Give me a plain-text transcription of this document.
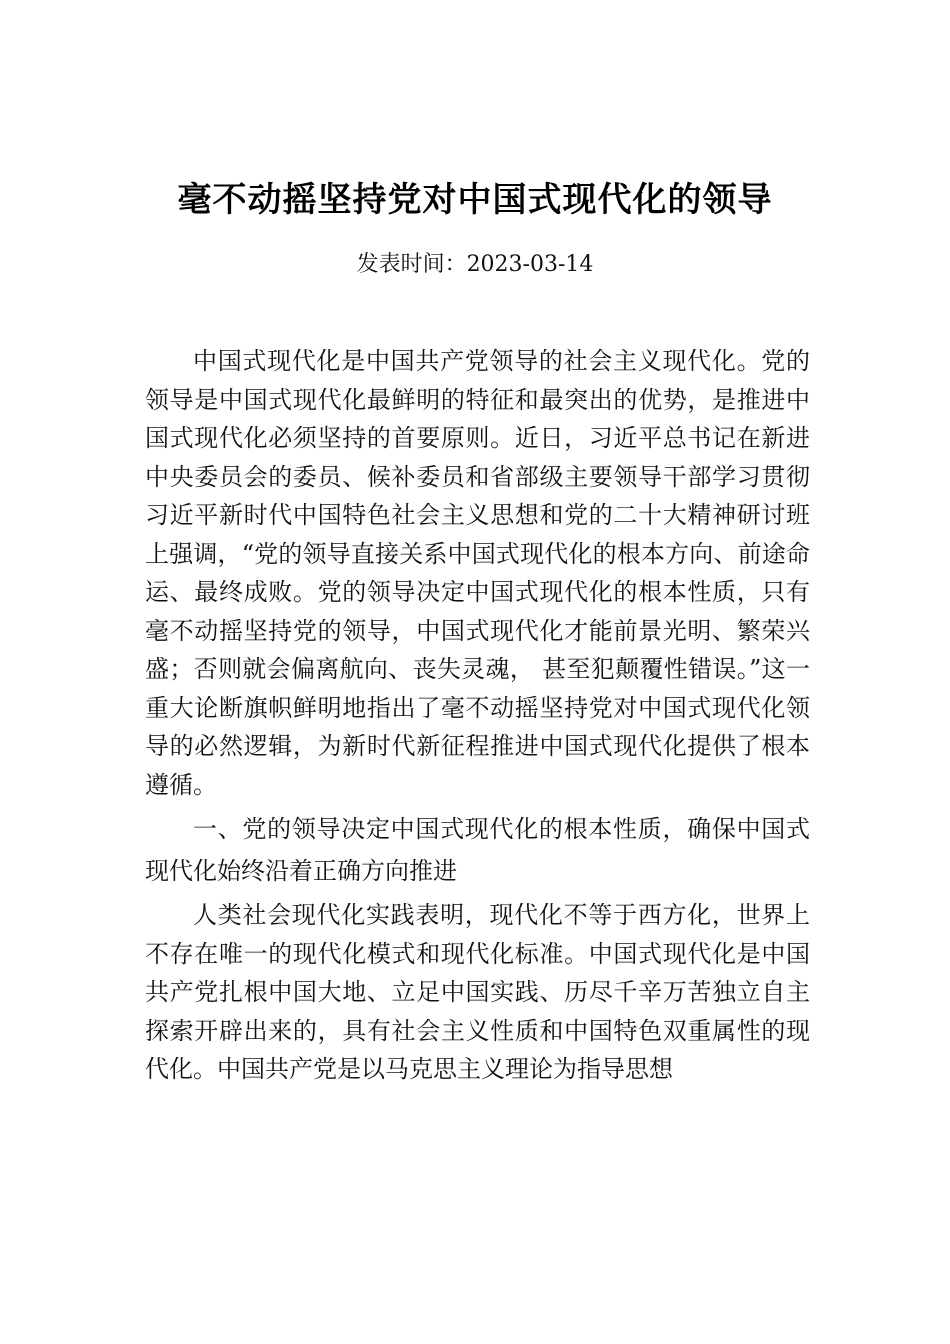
毫不动摇坚持党对中国式现代化的领导
发表时间：2023-03-14

中国式现代化是中国共产党领导的社会主义现代化。党的领导是中国式现代化最鲜明的特征和最突出的优势，是推进中国式现代化必须坚持的首要原则。近日，习近平总书记在新进中央委员会的委员、候补委员和省部级主要领导干部学习贯彻习近平新时代中国特色社会主义思想和党的二十大精神研讨班上强调，“党的领导直接关系中国式现代化的根本方向、前途命运、最终成败。党的领导决定中国式现代化的根本性质，只有毫不动摇坚持党的领导，中国式现代化才能前景光明、繁荣兴盛；否则就会偏离航向、丧失灵魂， 甚至犯颠覆性错误。”这一重大论断旗帜鲜明地指出了毫不动摇坚持党对中国式现代化领导的必然逻辑，为新时代新征程推进中国式现代化提供了根本遵循。

一、党的领导决定中国式现代化的根本性质，确保中国式现代化始终沿着正确方向推进

人类社会现代化实践表明，现代化不等于西方化，世界上不存在唯一的现代化模式和现代化标准。中国式现代化是中国共产党扎根中国大地、立足中国实践、历尽千辛万苦独立自主探索开辟出来的，具有社会主义性质和中国特色双重属性的现代化。中国共产党是以马克思主义理论为指导思想
